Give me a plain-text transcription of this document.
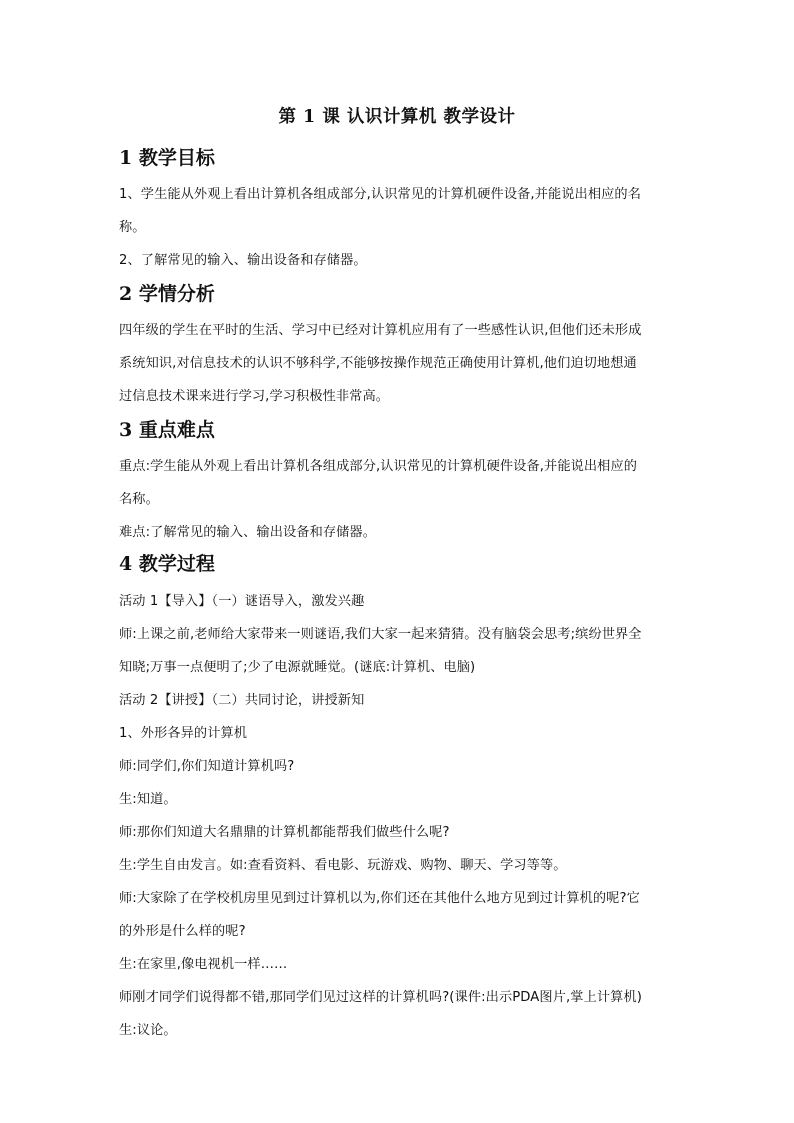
第 1 课 认识计算机 教学设计
1 教学目标
1、学生能从外观上看出计算机各组成部分,认识常见的计算机硬件设备,并能说出相应的名
称。
2、了解常见的输入、输出设备和存储器。
2 学情分析
四年级的学生在平时的生活、学习中已经对计算机应用有了一些感性认识,但他们还未形成
系统知识,对信息技术的认识不够科学,不能够按操作规范正确使用计算机,他们迫切地想通
过信息技术课来进行学习,学习积极性非常高。
3 重点难点
重点:学生能从外观上看出计算机各组成部分,认识常见的计算机硬件设备,并能说出相应的
名称。
难点:了解常见的输入、输出设备和存储器。
4 教学过程
活动 1【导入】（一）谜语导入，激发兴趣
师:上课之前,老师给大家带来一则谜语,我们大家一起来猜猜。没有脑袋会思考;缤纷世界全
知晓;万事一点便明了;少了电源就睡觉。(谜底:计算机、电脑)
活动 2【讲授】（二）共同讨论，讲授新知
1、外形各异的计算机
师:同学们,你们知道计算机吗?
生:知道。
师:那你们知道大名鼎鼎的计算机都能帮我们做些什么呢?
生:学生自由发言。如:查看资料、看电影、玩游戏、购物、聊天、学习等等。
师:大家除了在学校机房里见到过计算机以为,你们还在其他什么地方见到过计算机的呢?它
的外形是什么样的呢?
生:在家里,像电视机一样……
师刚才同学们说得都不错,那同学们见过这样的计算机吗?(课件:出示PDA图片,掌上计算机)
生:议论。
